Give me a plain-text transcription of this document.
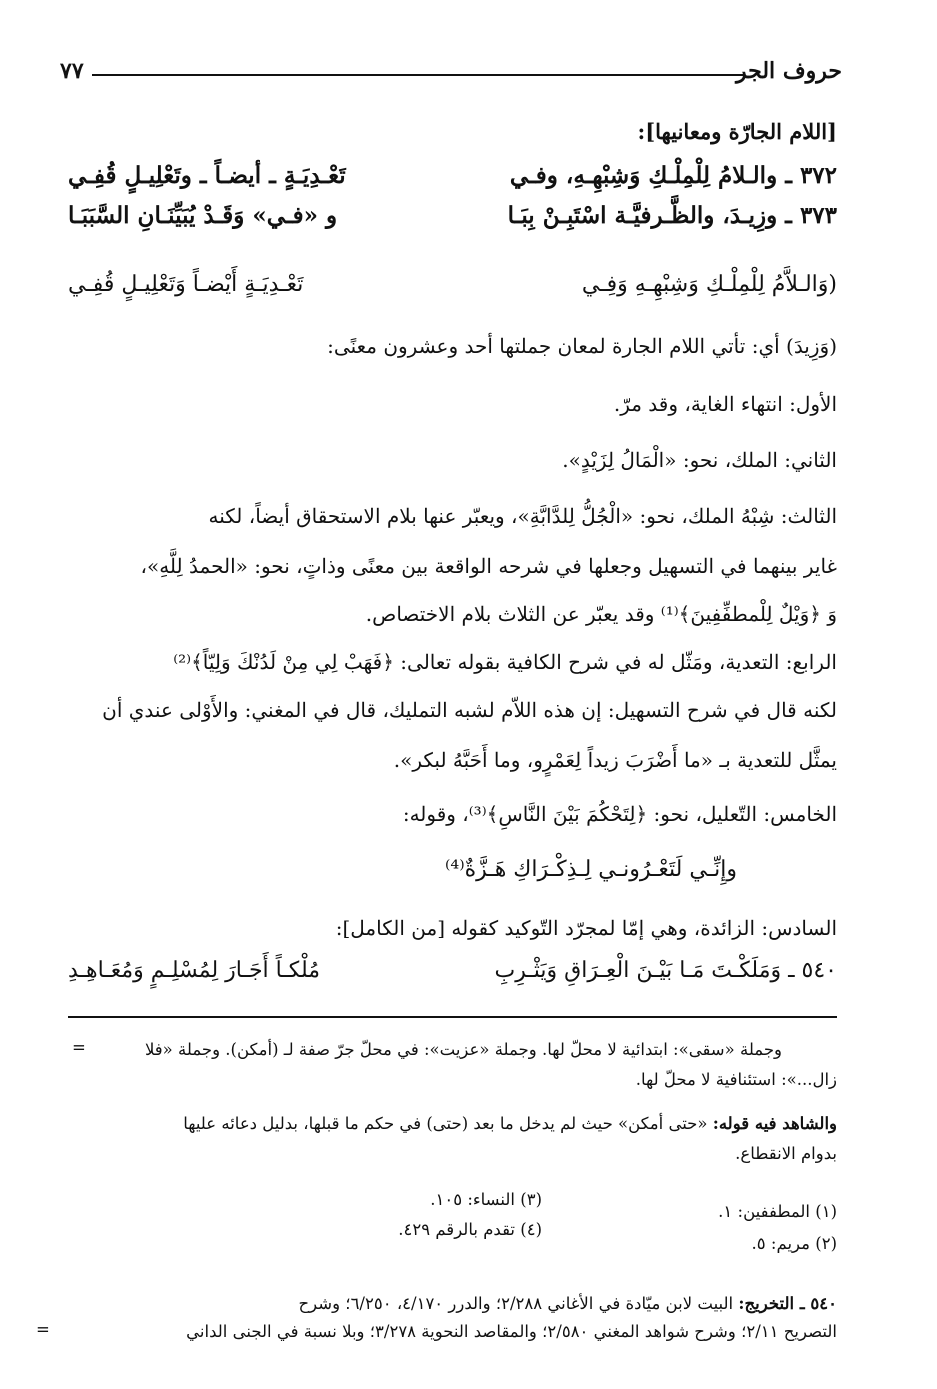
حروف الجر
٧٧
[اللام الجارّة ومعانيها]:
٣٧٢ ـ والـلامُ لِلْمِلْـكِ وَشِبْهِـهِ، وفـي
تَعْـدِيَـةٍ ـ أيضـاً ـ وتَعْلِيـلٍ قُفِـي
٣٧٣ ـ وزِيـدَ، والظَّـرفيَّـة اسْتَبِـنْ بِبَـا
و «فـي» وَقَـدْ يُبَيِّنَـانِ السَّبَبَـا
(وَالـلاَّمُ لِلْمِلْـكِ وَشِبْهِـهِ وَفِـي
تَعْـدِيَـةٍ أَيْضـاً وَتَعْلِيـلٍ قُفِـي
(وَزِيدَ) أي: تأتي اللام الجارة لمعان جملتها أحد وعشرون معنًى:
الأول: انتهاء الغاية، وقد مرّ.
الثاني: الملك، نحو: «الْمَالُ لِزَيْدٍ».
الثالث: شِبْهُ الملك، نحو: «الْجُلُّ لِلدَّابَّةِ»، ويعبّر عنها بلام الاستحقاق أيضاً، لكنه
غاير بينهما في التسهيل وجعلها في شرحه الواقعة بين معنًى وذاتٍ، نحو: «الحمدُ لِلَّهِ»،
وَ ﴿وَيْلٌ لِلْمطفِّفِينَ﴾⁽¹⁾ وقد يعبّر عن الثلاث بلام الاختصاص.
الرابع: التعدية، ومَثّل له في شرح الكافية بقوله تعالى: ﴿فَهَبْ لِي مِنْ لَدُنْكَ وَلِيّاً﴾⁽²⁾
لكنه قال في شرح التسهيل: إن هذه اللاّم لشبه التمليك، قال في المغني: والأَوْلى عندي أن
يمثَّل للتعدية بـ «ما أَضْرَبَ زيداً لِعَمْرٍو، وما أَحَبَّهُ لبكر».
الخامس: التّعليل، نحو: ﴿لِتَحْكُمَ بَيْنَ النَّاسِ﴾⁽³⁾، وقوله:
وإِنِّـي لَتَعْـرُونـي لِـذِكْـرَاكِ هَـزَّةٌ⁽⁴⁾
السادس: الزائدة، وهي إمّا لمجرّد التّوكيد كقوله [من الكامل]:
٥٤٠ ـ وَمَلَكْـتَ مَـا بَيْـنَ الْعِـرَاقِ وَيَثْـرِبِ
مُلْكـاً أَجَـارَ لِمُسْلِـمٍ وَمُعَـاهِـدِ
=	وجملة «سقى»: ابتدائية لا محلّ لها. وجملة «عزيت»: في محلّ جرّ صفة لـ (أمكن). وجملة «فلا
زال...»: استئنافية لا محلّ لها.
والشاهد فيه قوله: «حتى أمكن» حيث لم يدخل ما بعد (حتى) في حكم ما قبلها، بدليل دعائه عليها
بدوام الانقطاع.
(٣) النساء: ١٠٥.
(٤) تقدم بالرقم ٤٢٩.
(١) المطففين: ١.
(٢) مريم: ٥.
٥٤٠ ـ التخريج: البيت لابن ميّادة في الأغاني ٢/٢٨٨؛ والدرر ٤/١٧٠، ٦/٢٥٠؛ وشرح
التصريح ٢/١١؛ وشرح شواهد المغني ٢/٥٨٠؛ والمقاصد النحوية ٣/٢٧٨؛ وبلا نسبة في الجنى الداني
=
